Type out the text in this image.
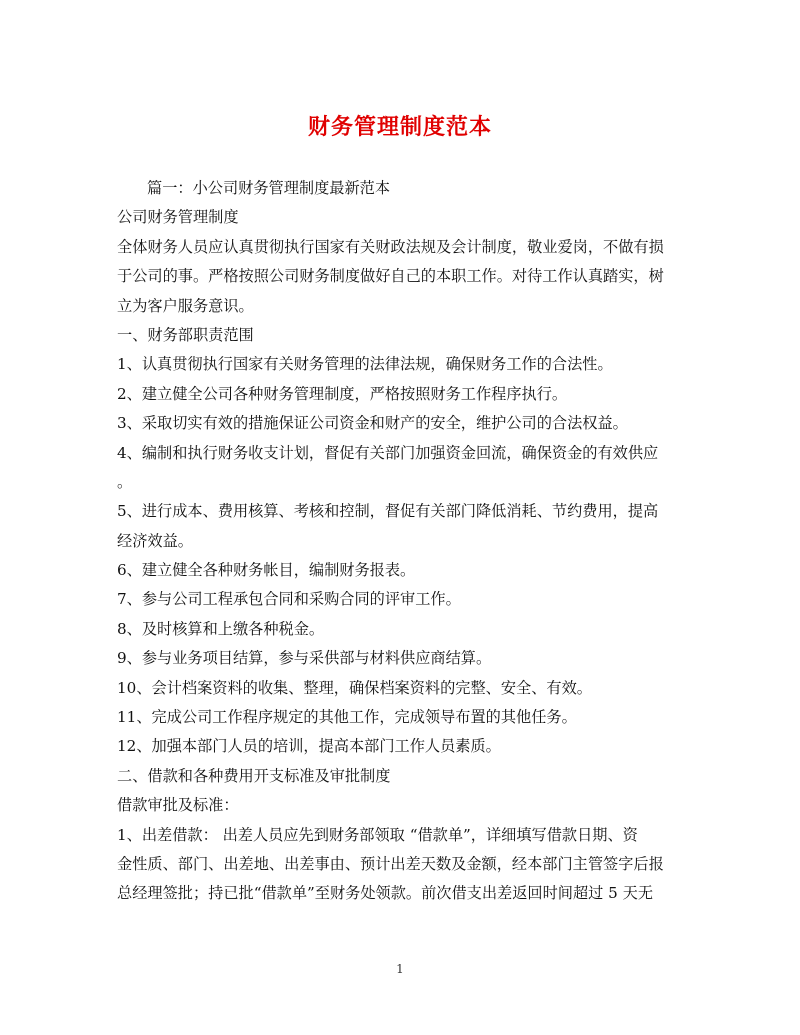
财务管理制度范本
篇一：小公司财务管理制度最新范本
公司财务管理制度
全体财务人员应认真贯彻执行国家有关财政法规及会计制度，敬业爱岗，不做有损
于公司的事。严格按照公司财务制度做好自己的本职工作。对待工作认真踏实，树
立为客户服务意识。
一、财务部职责范围
1、认真贯彻执行国家有关财务管理的法律法规，确保财务工作的合法性。
2、建立健全公司各种财务管理制度，严格按照财务工作程序执行。
3、采取切实有效的措施保证公司资金和财产的安全，维护公司的合法权益。
4、编制和执行财务收支计划，督促有关部门加强资金回流，确保资金的有效供应
。
5、进行成本、费用核算、考核和控制，督促有关部门降低消耗、节约费用，提高
经济效益。
6、建立健全各种财务帐目，编制财务报表。
7、参与公司工程承包合同和采购合同的评审工作。
8、及时核算和上缴各种税金。
9、参与业务项目结算，参与采供部与材料供应商结算。
10、会计档案资料的收集、整理，确保档案资料的完整、安全、有效。
11、完成公司工作程序规定的其他工作，完成领导布置的其他任务。
12、加强本部门人员的培训，提高本部门工作人员素质。
二、借款和各种费用开支标准及审批制度
借款审批及标准：
1、出差借款： 出差人员应先到财务部领取 “借款单”，详细填写借款日期、资
金性质、部门、出差地、出差事由、预计出差天数及金额，经本部门主管签字后报
总经理签批；持已批“借款单”至财务处领款。前次借支出差返回时间超过 5 天无
1
